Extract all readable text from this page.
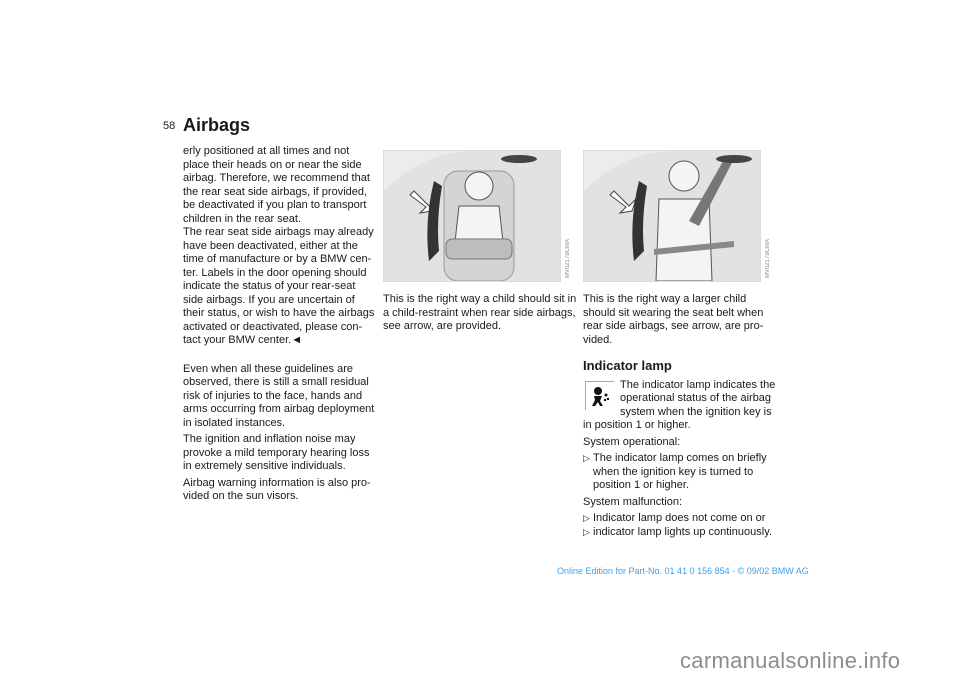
58 Airbags
erly positioned at all times and not
place their heads on or near the side
airbag. Therefore, we recommend that
the rear seat side airbags, if provided,
be deactivated if you plan to transport
children in the rear seat.
The rear seat side airbags may already
have been deactivated, either at the
time of manufacture or by a BMW cen-
ter. Labels in the door opening should
indicate the status of your rear-seat
side airbags. If you are uncertain of
their status, or wish to have the airbags
activated or deactivated, please con-
tact your BMW center.◄
Even when all these guidelines are
observed, there is still a small residual
risk of injuries to the face, hands and
arms occurring from airbag deployment
in isolated instances.
The ignition and inflation noise may
provoke a mild temporary hearing loss
in extremely sensitive individuals.
Airbag warning information is also pro-
vided on the sun visors.
MV02178CMA
This is the right way a child should sit in
a child-restraint when rear side airbags,
see arrow, are provided.
MV02179CMA
This is the right way a larger child
should sit wearing the seat belt when
rear side airbags, see arrow, are pro-
vided.
Indicator lamp
The indicator lamp indicates the
operational status of the airbag
system when the ignition key is
in position 1 or higher.
System operational:
▷ The indicator lamp comes on briefly
when the ignition key is turned to
position 1 or higher.
System malfunction:
▷ Indicator lamp does not come on or
▷ indicator lamp lights up continuously.
Online Edition for Part-No. 01 41 0 156 854 - © 09/02 BMW AG
carmanualsonline.info
